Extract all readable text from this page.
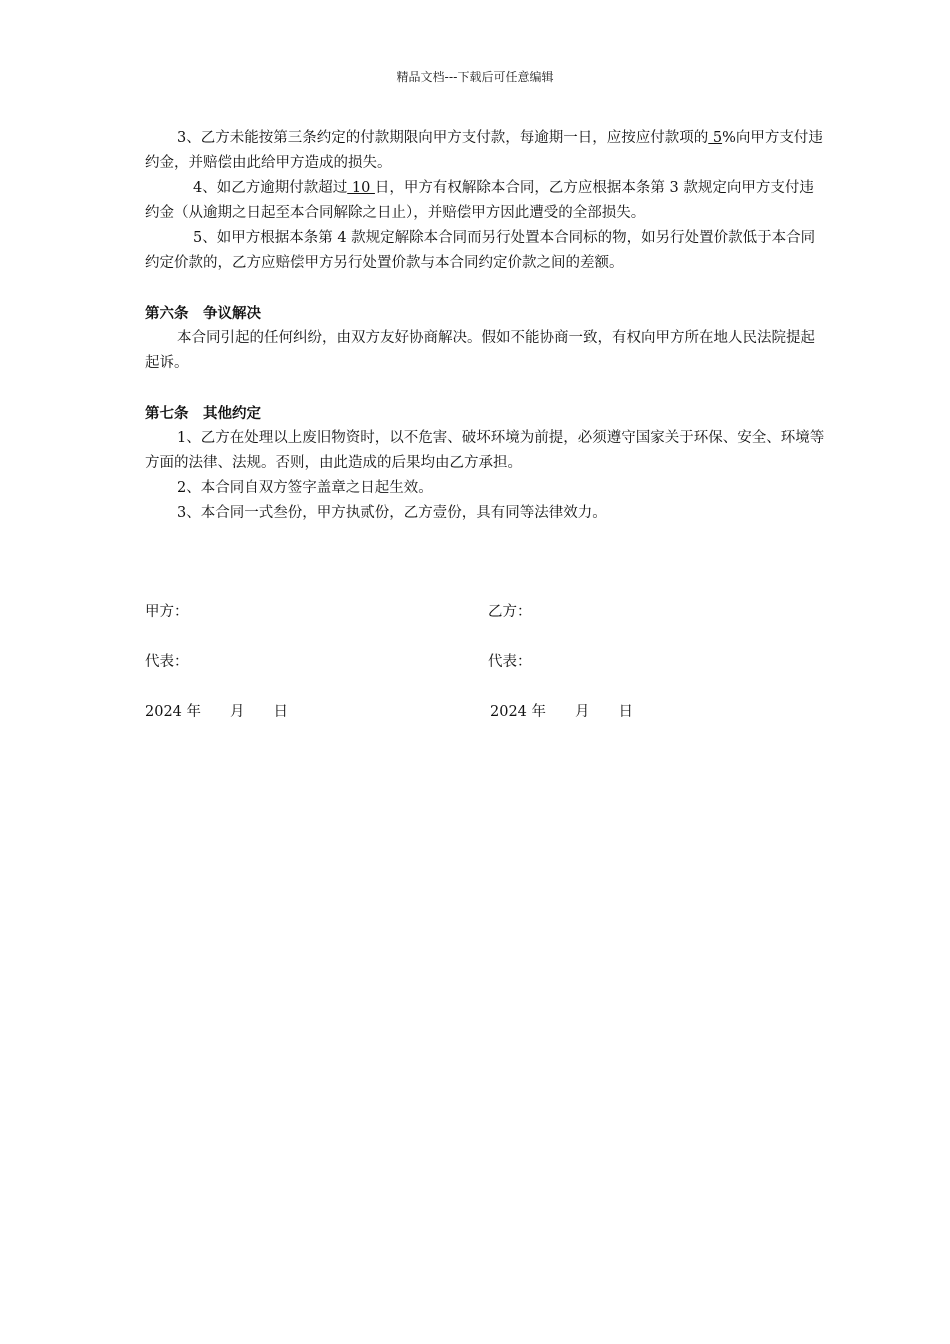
精品文档---下载后可任意编辑

3、乙方未能按第三条约定的付款期限向甲方支付款，每逾期一日，应按应付款项的 5%向甲方支付违约金，并赔偿由此给甲方造成的损失。

4、如乙方逾期付款超过 10 日，甲方有权解除本合同，乙方应根据本条第 3 款规定向甲方支付违约金（从逾期之日起至本合同解除之日止），并赔偿甲方因此遭受的全部损失。

5、如甲方根据本条第 4 款规定解除本合同而另行处置本合同标的物，如另行处置价款低于本合同约定价款的，乙方应赔偿甲方另行处置价款与本合同约定价款之间的差额。

第六条　争议解决

本合同引起的任何纠纷，由双方友好协商解决。假如不能协商一致，有权向甲方所在地人民法院提起起诉。

第七条　其他约定

1、乙方在处理以上废旧物资时，以不危害、破坏环境为前提，必须遵守国家关于环保、安全、环境等方面的法律、法规。否则，由此造成的后果均由乙方承担。

2、本合同自双方签字盖章之日起生效。

3、本合同一式叁份，甲方执贰份，乙方壹份，具有同等法律效力。

甲方：	乙方：
代表：	代表：
2024 年　　月　　日	2024 年　　月　　日
